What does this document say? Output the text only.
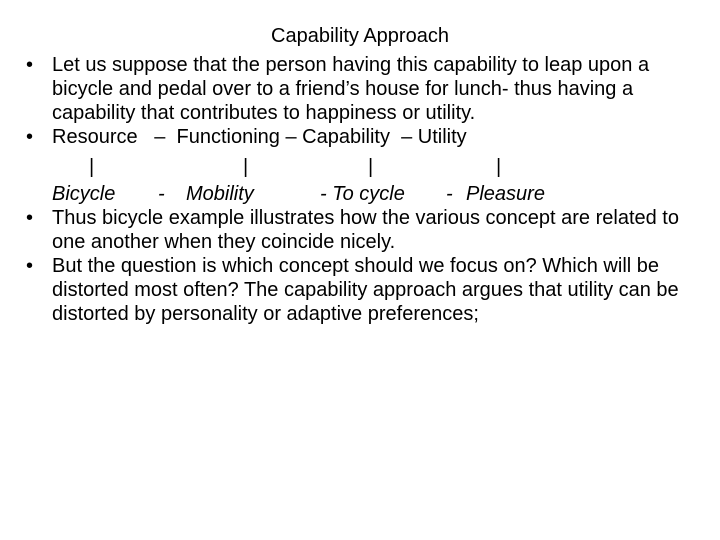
Capability Approach

• Let us suppose that the person having this capability to leap upon a bicycle and pedal over to a friend’s house for lunch- thus having a capability that contributes to happiness or utility.

• Resource   –  Functioning – Capability  – Utility

|	|	|	|
Bicycle - Mobility	- To cycle - Pleasure

• Thus bicycle example illustrates how the various concept are related to one another when they coincide nicely.

• But the question is which concept should we focus on? Which will be distorted most often? The capability approach argues that utility can be distorted by personality or adaptive preferences;
